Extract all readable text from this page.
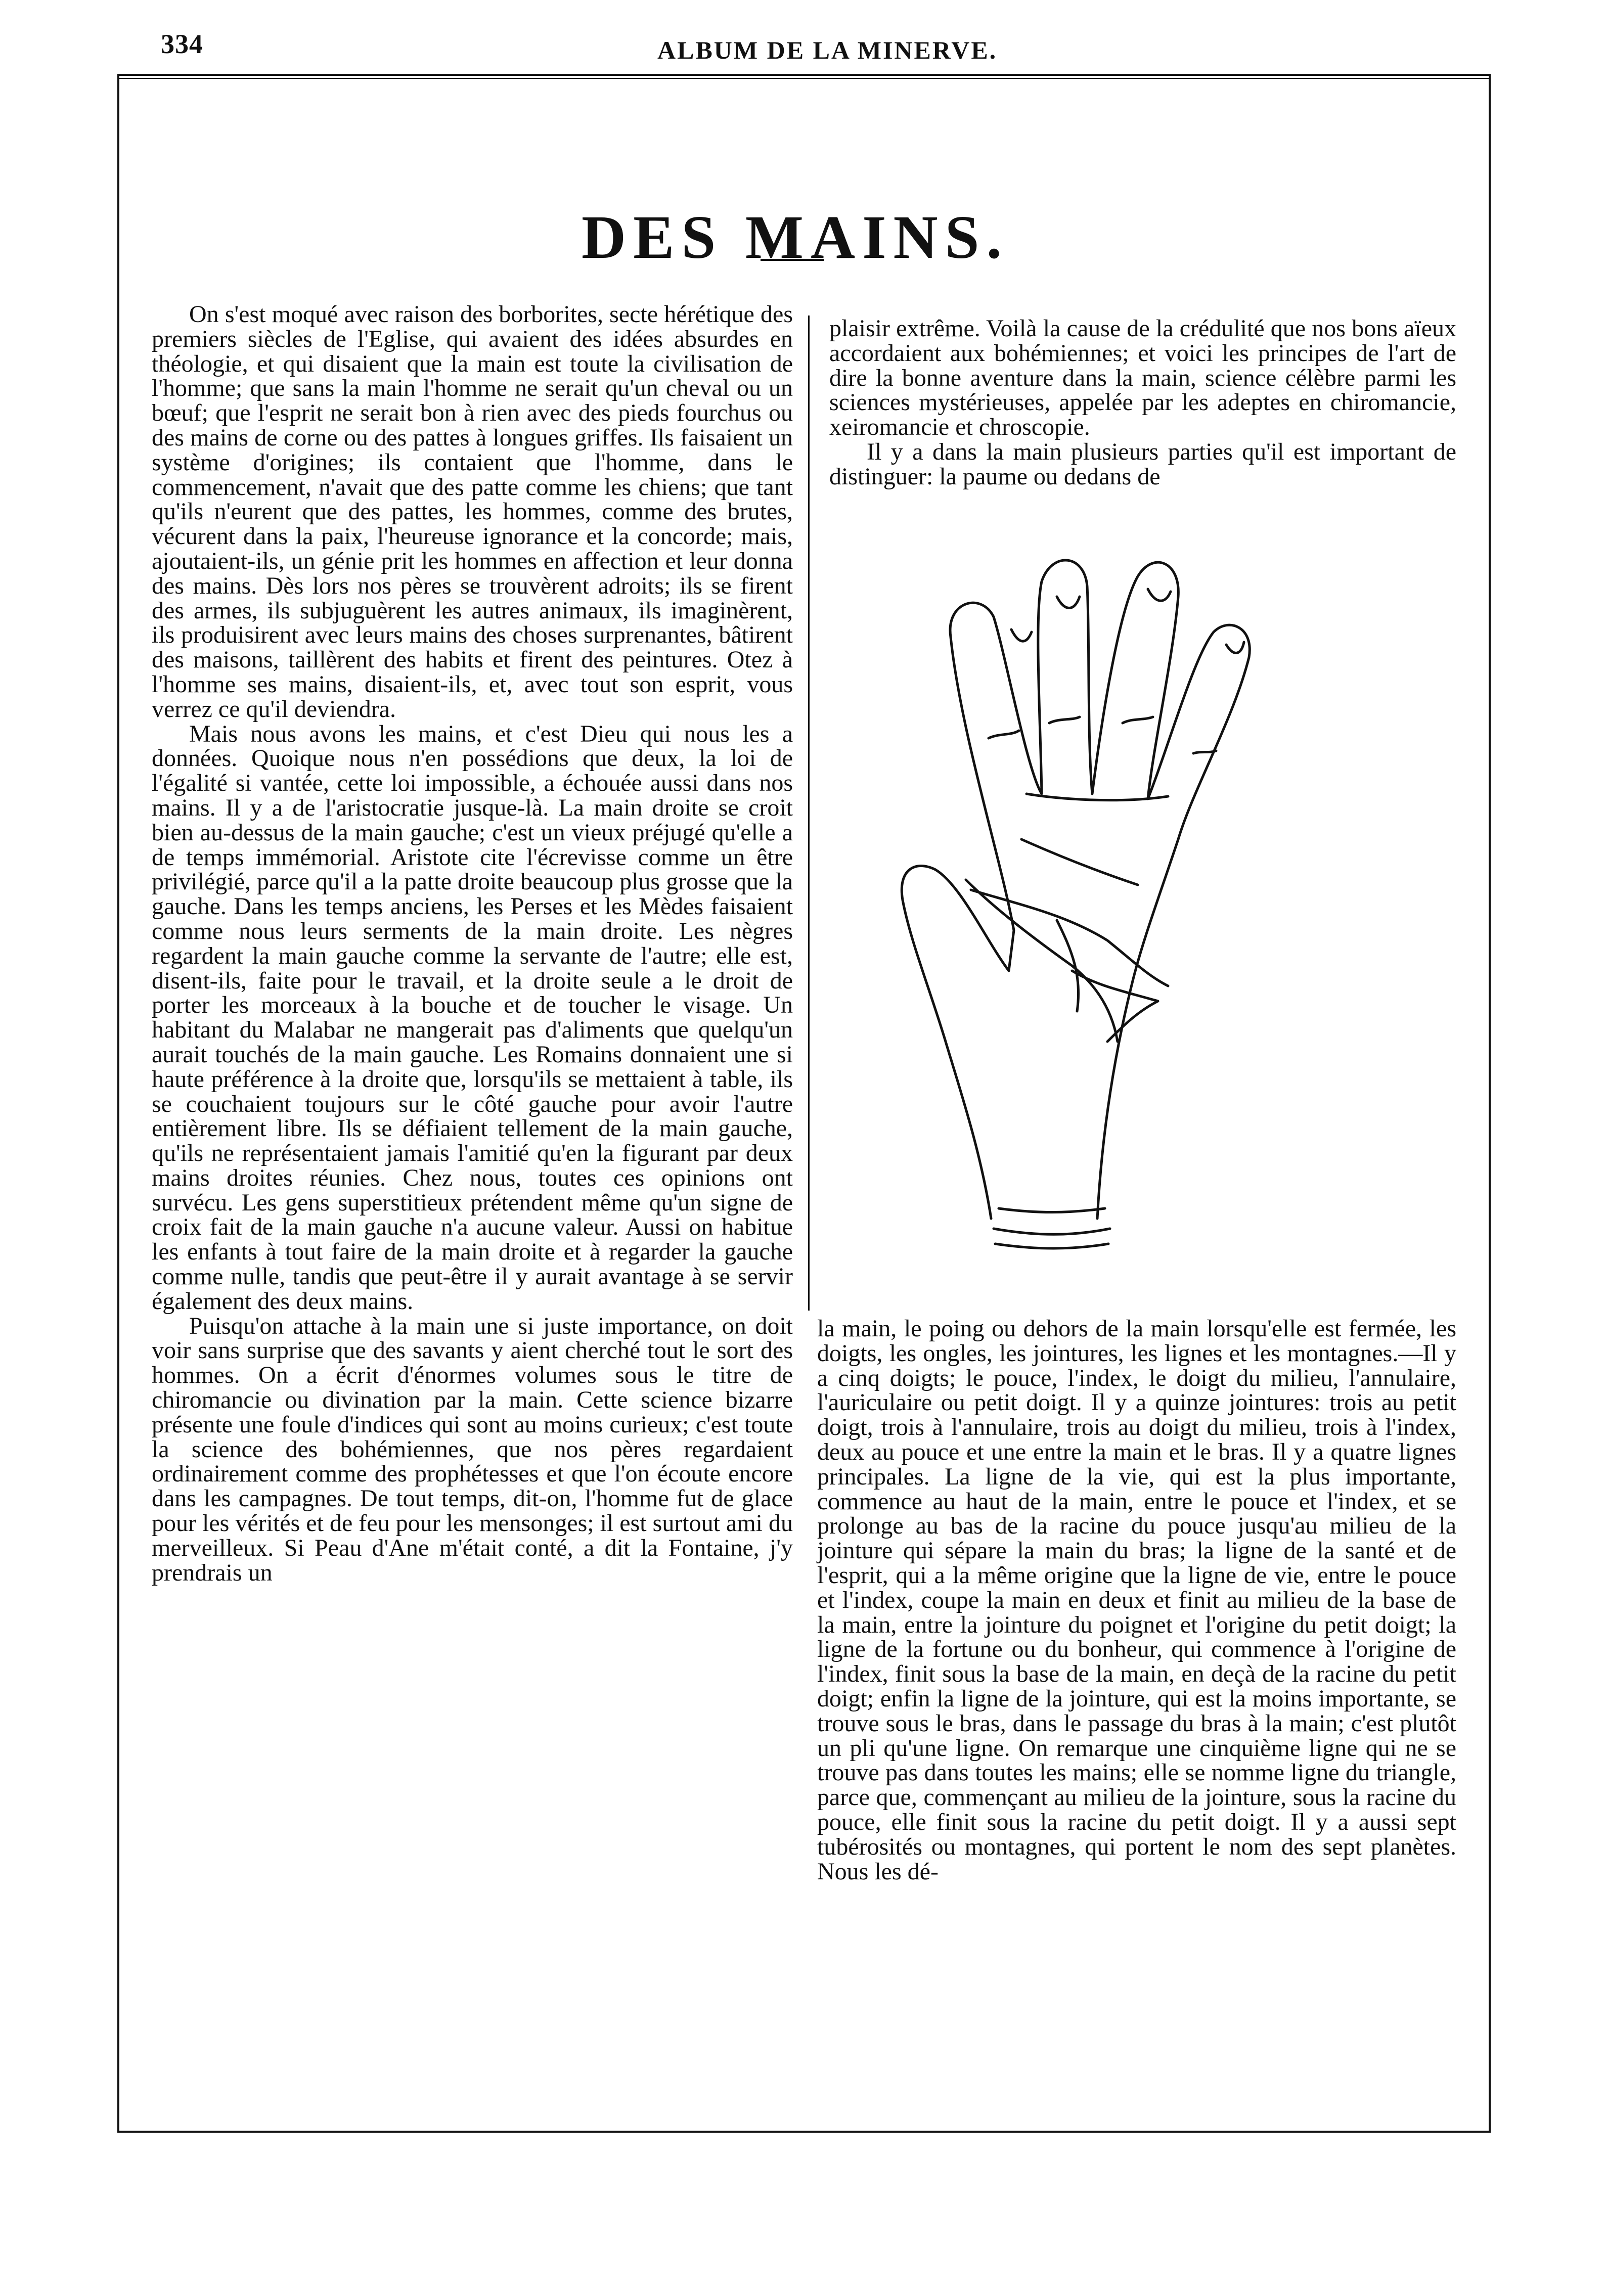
334	ALBUM DE LA MINERVE.
DES MAINS.

On s'est moqué avec raison des borborites, secte hérétique des premiers siècles de l'Eglise, qui avaient des idées absurdes en théologie, et qui disaient que la main est toute la civilisation de l'homme; que sans la main l'homme ne serait qu'un cheval ou un bœuf; que l'esprit ne serait bon à rien avec des pieds fourchus ou des mains de corne ou des pattes à longues griffes. Ils faisaient un système d'origines; ils contaient que l'homme, dans le commencement, n'avait que des patte comme les chiens; que tant qu'ils n'eurent que des pattes, les hommes, comme des brutes, vécurent dans la paix, l'heureuse ignorance et la concorde; mais, ajoutaient-ils, un génie prit les hommes en affection et leur donna des mains. Dès lors nos pères se trouvèrent adroits; ils se firent des armes, ils subjuguèrent les autres animaux, ils imaginèrent, ils produisirent avec leurs mains des choses surprenantes, bâtirent des maisons, taillèrent des habits et firent des peintures. Otez à l'homme ses mains, disaient-ils, et, avec tout son esprit, vous verrez ce qu'il deviendra.

Mais nous avons les mains, et c'est Dieu qui nous les a données. Quoique nous n'en possédions que deux, la loi de l'égalité si vantée, cette loi impossible, a échouée aussi dans nos mains. Il y a de l'aristocratie jusque-là. La main droite se croit bien au-dessus de la main gauche; c'est un vieux préjugé qu'elle a de temps immémorial. Aristote cite l'écrevisse comme un être privilégié, parce qu'il a la patte droite beaucoup plus grosse que la gauche. Dans les temps anciens, les Perses et les Mèdes faisaient comme nous leurs serments de la main droite. Les nègres regardent la main gauche comme la servante de l'autre; elle est, disent-ils, faite pour le travail, et la droite seule a le droit de porter les morceaux à la bouche et de toucher le visage. Un habitant du Malabar ne mangerait pas d'aliments que quelqu'un aurait touchés de la main gauche. Les Romains donnaient une si haute préférence à la droite que, lorsqu'ils se mettaient à table, ils se couchaient toujours sur le côté gauche pour avoir l'autre entièrement libre. Ils se défiaient tellement de la main gauche, qu'ils ne représentaient jamais l'amitié qu'en la figurant par deux mains droites réunies. Chez nous, toutes ces opinions ont survécu. Les gens superstitieux prétendent même qu'un signe de croix fait de la main gauche n'a aucune valeur. Aussi on habitue les enfants à tout faire de la main droite et à regarder la gauche comme nulle, tandis que peut-être il y aurait avantage à se servir également des deux mains.

Puisqu'on attache à la main une si juste importance, on doit voir sans surprise que des savants y aient cherché tout le sort des hommes. On a écrit d'énormes volumes sous le titre de chiromancie ou divination par la main. Cette science bizarre présente une foule d'indices qui sont au moins curieux; c'est toute la science des bohémiennes, que nos pères regardaient ordinairement comme des prophétesses et que l'on écoute encore dans les campagnes. De tout temps, dit-on, l'homme fut de glace pour les vérités et de feu pour les mensonges; il est surtout ami du merveilleux. Si Peau d'Ane m'était conté, a dit la Fontaine, j'y prendrais un

plaisir extrême. Voilà la cause de la crédulité que nos bons aïeux accordaient aux bohémiennes; et voici les principes de l'art de dire la bonne aventure dans la main, science célèbre parmi les sciences mystérieuses, appelée par les adeptes en chiromancie, xeiromancie et chroscopie.

Il y a dans la main plusieurs parties qu'il est important de distinguer: la paume ou dedans de

la main, le poing ou dehors de la main lorsqu'elle est fermée, les doigts, les ongles, les jointures, les lignes et les montagnes.—Il y a cinq doigts; le pouce, l'index, le doigt du milieu, l'annulaire, l'auriculaire ou petit doigt. Il y a quinze jointures: trois au petit doigt, trois à l'annulaire, trois au doigt du milieu, trois à l'index, deux au pouce et une entre la main et le bras. Il y a quatre lignes principales. La ligne de la vie, qui est la plus importante, commence au haut de la main, entre le pouce et l'index, et se prolonge au bas de la racine du pouce jusqu'au milieu de la jointure qui sépare la main du bras; la ligne de la santé et de l'esprit, qui a la même origine que la ligne de vie, entre le pouce et l'index, coupe la main en deux et finit au milieu de la base de la main, entre la jointure du poignet et l'origine du petit doigt; la ligne de la fortune ou du bonheur, qui commence à l'origine de l'index, finit sous la base de la main, en deçà de la racine du petit doigt; enfin la ligne de la jointure, qui est la moins importante, se trouve sous le bras, dans le passage du bras à la main; c'est plutôt un pli qu'une ligne. On remarque une cinquième ligne qui ne se trouve pas dans toutes les mains; elle se nomme ligne du triangle, parce que, commençant au milieu de la jointure, sous la racine du pouce, elle finit sous la racine du petit doigt. Il y a aussi sept tubérosités ou montagnes, qui portent le nom des sept planètes. Nous les dé-
